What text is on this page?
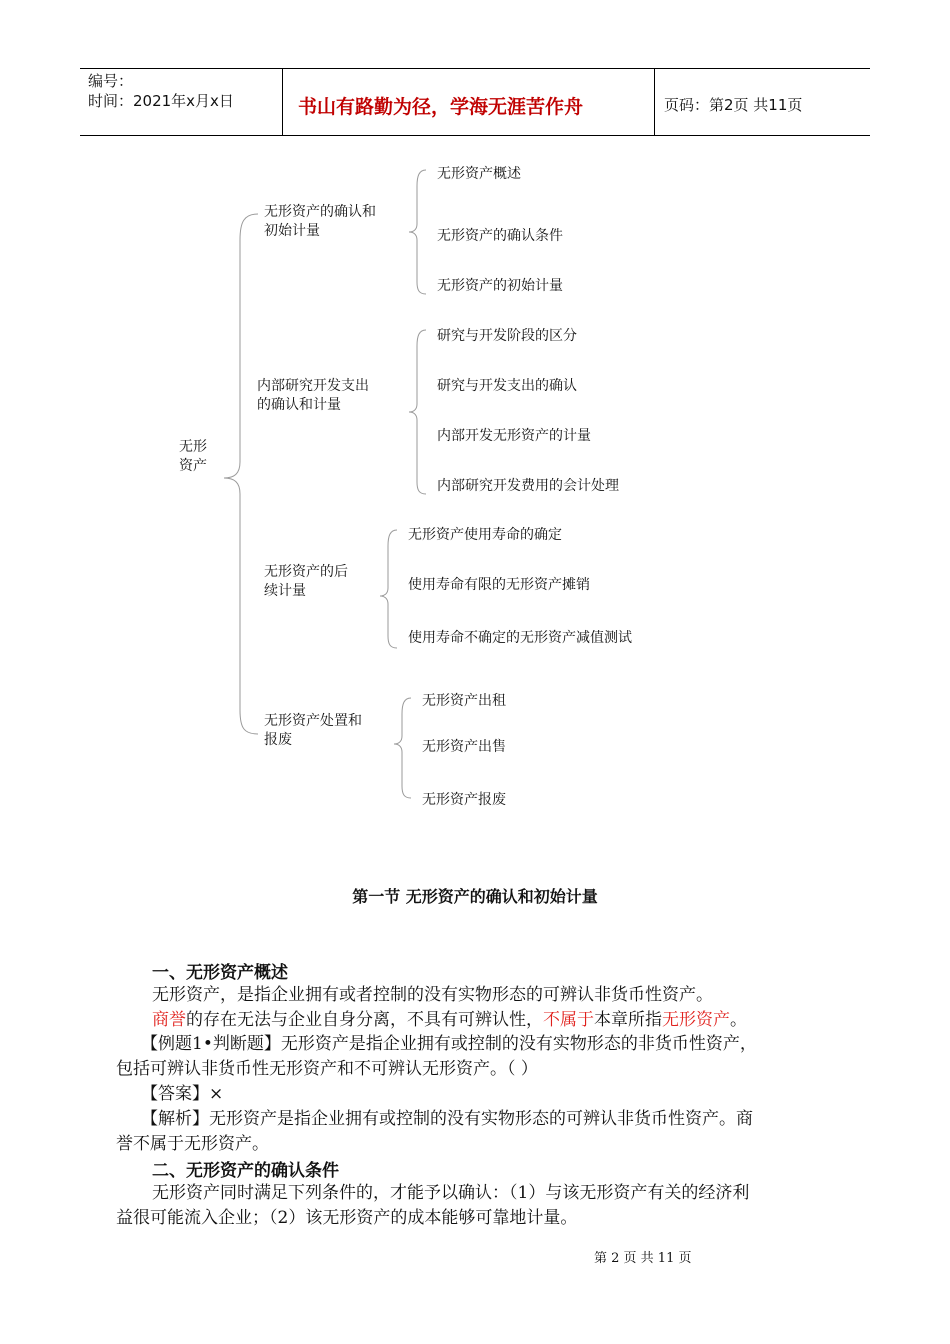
编号：
时间：2021年x月x日	书山有路勤为径，学海无涯苦作舟	页码：第2页 共11页
无形
资产
无形资产的确认和
初始计量
无形资产概述
无形资产的确认条件
无形资产的初始计量
内部研究开发支出
的确认和计量
研究与开发阶段的区分
研究与开发支出的确认
内部开发无形资产的计量
内部研究开发费用的会计处理
无形资产的后
续计量
无形资产使用寿命的确定
使用寿命有限的无形资产摊销
使用寿命不确定的无形资产减值测试
无形资产处置和
报废
无形资产出租
无形资产出售
无形资产报废
第一节 无形资产的确认和初始计量
一、无形资产概述
无形资产，是指企业拥有或者控制的没有实物形态的可辨认非货币性资产。
商誉的存在无法与企业自身分离，不具有可辨认性，不属于本章所指无形资产。
【例题1•判断题】无形资产是指企业拥有或控制的没有实物形态的非货币性资产，
包括可辨认非货币性无形资产和不可辨认无形资产。（ ）
【答案】×
【解析】无形资产是指企业拥有或控制的没有实物形态的可辨认非货币性资产。商
誉不属于无形资产。
二、无形资产的确认条件
无形资产同时满足下列条件的，才能予以确认：（1）与该无形资产有关的经济利
益很可能流入企业；（2）该无形资产的成本能够可靠地计量。
第 2 页 共 11 页
